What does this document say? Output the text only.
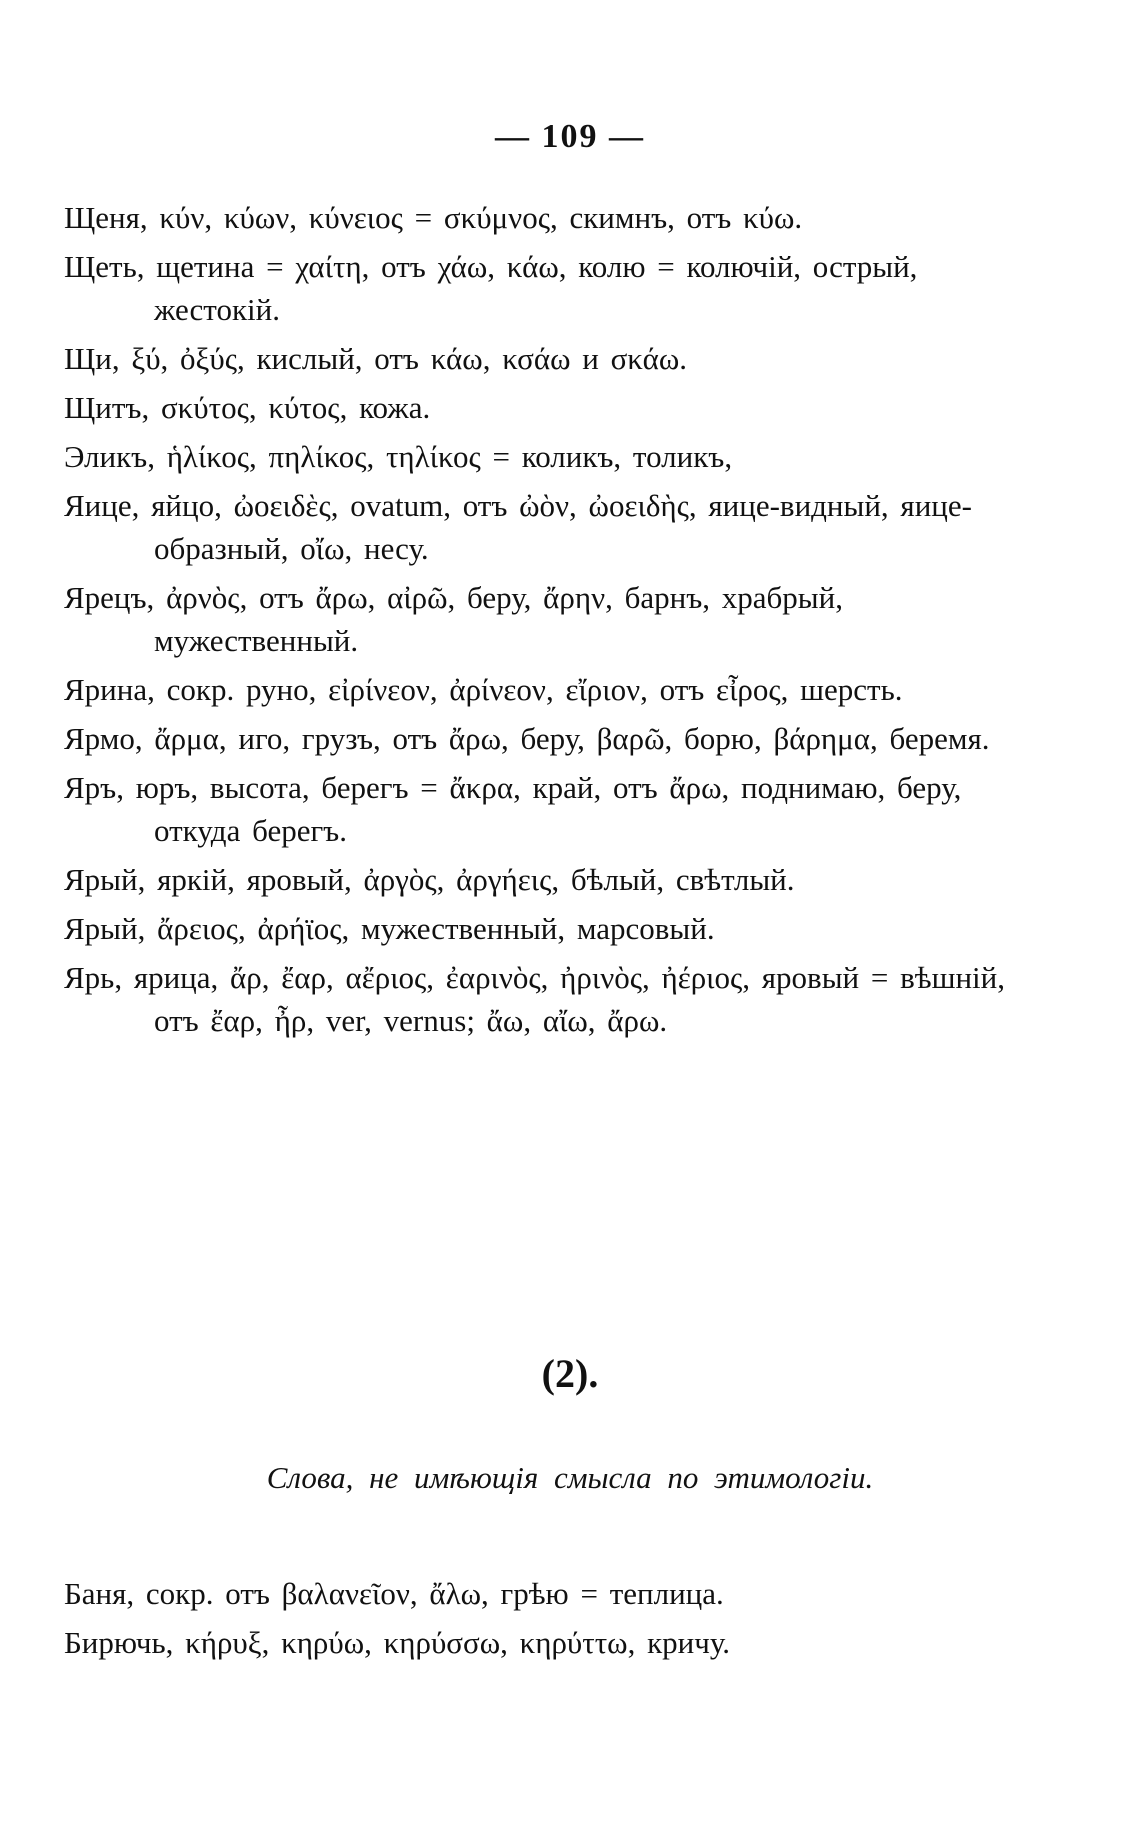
— 109 —
Щеня, κύν, κύων, κύνειος = σκύμνος, скимнъ, отъ κύω.
Щеть, щетина = χαίτη, отъ χάω, κάω, колю = колючій, острый, жестокій.
Щи, ξύ, ὀξύς, кислый, отъ κάω, κσάω и σκάω.
Щитъ, σκύτος, κύτος, кожа.
Эликъ, ἡλίκος, πηλίκος, τηλίκος = коликъ, толикъ,
Яице, яйцо, ὠοειδὲς, ovatum, отъ ὠὸν, ὠοειδὴς, яице-видный, яице-образный, οἴω, несу.
Ярецъ, ἀρνὸς, отъ ἄρω, αἰρῶ, беру, ἄρην, барнъ, храбрый, мужественный.
Ярина, сокр. руно, εἰρίνεον, ἀρίνεον, εἴριον, отъ εἶρος, шерсть.
Ярмо, ἄρμα, иго, грузъ, отъ ἄρω, беру, βαρῶ, борю, βάρημα, беремя.
Яръ, юръ, высота, берегъ = ἄκρα, край, отъ ἄρω, поднимаю, беру, откуда берегъ.
Ярый, яркій, яровый, ἀργὸς, ἀργήεις, бѣлый, свѣтлый.
Ярый, ἄρειος, ἀρήϊος, мужественный, марсовый.
Ярь, ярица, ἄρ, ἔαρ, αἔριος, ἐαρινὸς, ἠρινὸς, ἠέριος, яровый = вѣшній, отъ ἔαρ, ἦρ, ver, vernus; ἄω, αἴω, ἄρω.
(2).
Слова, не имѣющія смысла по этимологіи.
Баня, сокр. отъ βαλανεῖον, ἄλω, грѣю = теплица.
Бирючь, κήρυξ, κηρύω, κηρύσσω, κηρύττω, кричу.
